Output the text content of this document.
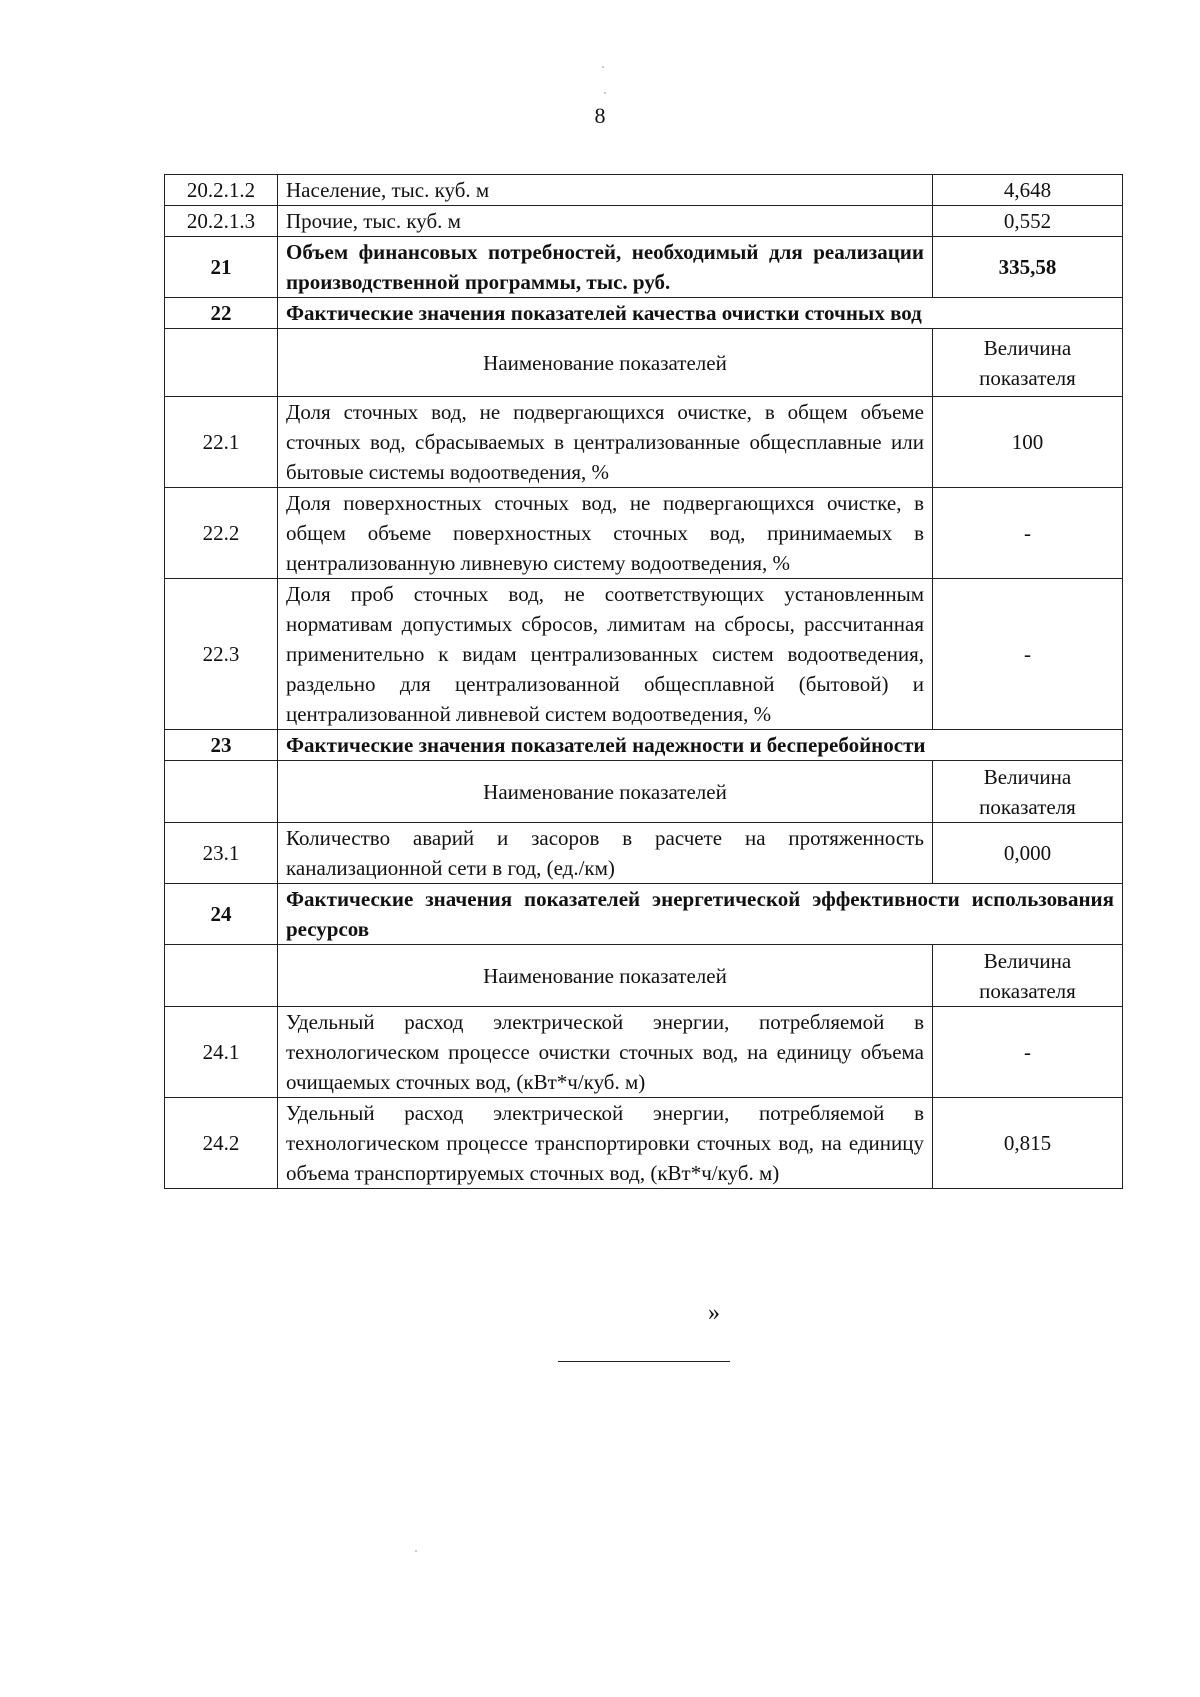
8
20.2.1.2	Население, тыс. куб. м	4,648
20.2.1.3	Прочие, тыс. куб. м	0,552
21	Объем финансовых потребностей, необходимый для реализации производственной программы, тыс. руб.	335,58
22	Фактические значения показателей качества очистки сточных вод	
	Наименование показателей	Величина показателя
22.1	Доля сточных вод, не подвергающихся очистке, в общем объеме сточных вод, сбрасываемых в централизованные общесплавные или бытовые системы водоотведения, %	100
22.2	Доля поверхностных сточных вод, не подвергающихся очистке, в общем объеме поверхностных сточных вод, принимаемых в централизованную ливневую систему водоотведения, %	-
22.3	Доля проб сточных вод, не соответствующих установленным нормативам допустимых сбросов, лимитам на сбросы, рассчитанная применительно к видам централизованных систем водоотведения, раздельно для централизованной общесплавной (бытовой) и централизованной ливневой систем водоотведения, %	-
23	Фактические значения показателей надежности и бесперебойности	
	Наименование показателей	Величина показателя
23.1	Количество аварий и засоров в расчете на протяженность канализационной сети в год, (ед./км)	0,000
24	Фактические значения показателей энергетической эффективности использования ресурсов	
	Наименование показателей	Величина показателя
24.1	Удельный расход электрической энергии, потребляемой в технологическом процессе очистки сточных вод, на единицу объема очищаемых сточных вод, (кВт*ч/куб. м)	-
24.2	Удельный расход электрической энергии, потребляемой в технологическом процессе транспортировки сточных вод, на единицу объема транспортируемых сточных вод, (кВт*ч/куб. м)	0,815
»
